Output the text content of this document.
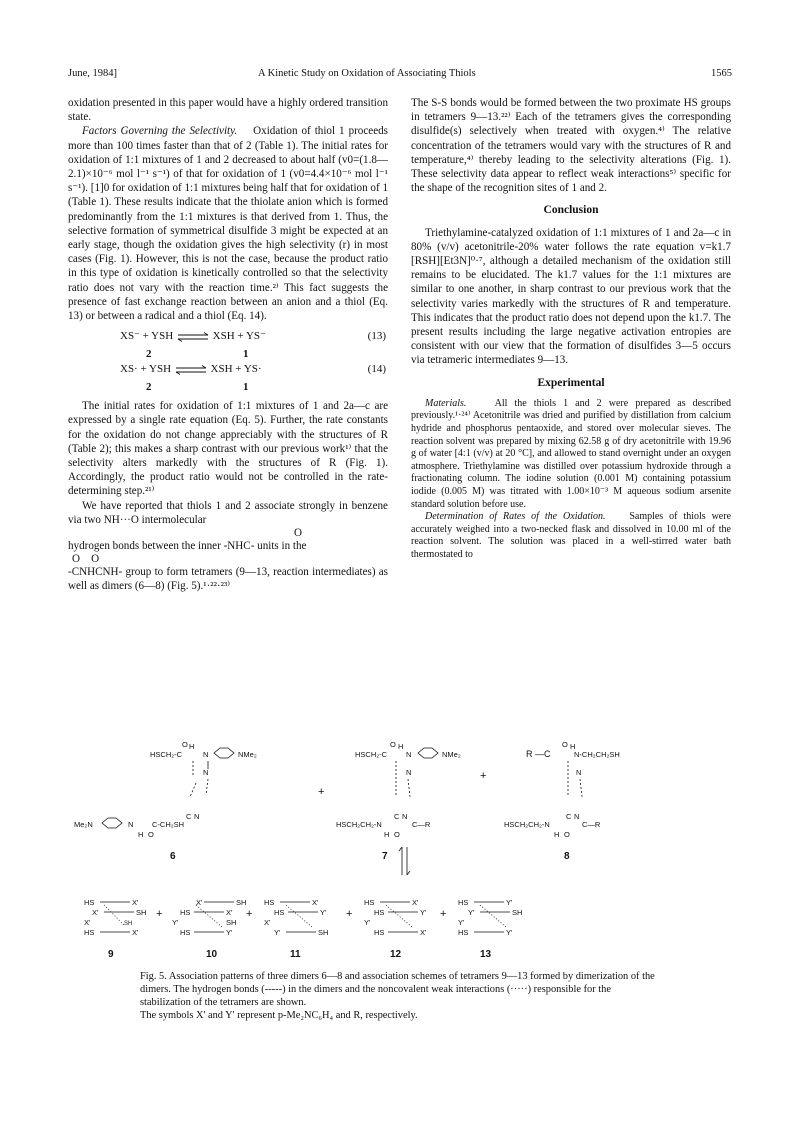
June, 1984]	A Kinetic Study on Oxidation of Associating Thiols	1565

oxidation presented in this paper would have a highly ordered transition state.

Factors Governing the Selectivity. Oxidation of thiol 1 proceeds more than 100 times faster than that of 2 (Table 1). The initial rates for oxidation of 1:1 mixtures of 1 and 2 decreased to about half (v0=(1.8—2.1)×10⁻⁶ mol l⁻¹ s⁻¹) of that for oxidation of 1 (v0=4.4×10⁻⁶ mol l⁻¹ s⁻¹). [1]0 for oxidation of 1:1 mixtures being half that for oxidation of 1 (Table 1). These results indicate that the thiolate anion which is formed predominantly from the 1:1 mixtures is that derived from 1. Thus, the selective formation of symmetrical disulfide 3 might be expected at an early stage, though the oxidation gives the high selectivity (r) in most cases (Fig. 1). However, this is not the case, because the product ratio in this type of oxidation is kinetically controlled so that the selectivity ratio does not vary with the reaction time.²⁾ This fact suggests the presence of fast exchange reaction between an anion and a thiol (Eq. 13) or between a radical and a thiol (Eq. 14).

XS⁻ + YSH ⇌ XSH + YS⁻	(13)
2	1
XS· + YSH ⇌ XSH + YS·	(14)
2	1

The initial rates for oxidation of 1:1 mixtures of 1 and 2a—c are expressed by a single rate equation (Eq. 5). Further, the rate constants for the oxidation do not change appreciably with the structures of R (Table 2); this makes a sharp contrast with our previous work¹⁾ that the selectivity alters markedly with the structures of R (Fig. 1). Accordingly, the product ratio would not be controlled in the rate-determining step.²¹⁾

We have reported that thiols 1 and 2 associate strongly in benzene via two NH···O intermolecular

O

hydrogen bonds between the inner -NHC- units in the

O    O

-CNHCNH- group to form tetramers (9—13, reaction intermediates) as well as dimers (6—8) (Fig. 5).¹·²²·²³⁾

The S-S bonds would be formed between the two proximate HS groups in tetramers 9—13.²²⁾ Each of the tetramers gives the corresponding disulfide(s) selectively when treated with oxygen.⁴⁾ The relative concentration of the tetramers would vary with the structures of R and temperature,⁴⁾ thereby leading to the selectivity alterations (Fig. 1). These selectivity data appear to reflect weak interactions⁵⁾ specific for the shape of the recognition sites of 1 and 2.

Conclusion

Triethylamine-catalyzed oxidation of 1:1 mixtures of 1 and 2a—c in 80% (v/v) acetonitrile-20% water follows the rate equation v=k1.7 [RSH][Et3N]⁰·⁷, although a detailed mechanism of the oxidation still remains to be elucidated. The k1.7 values for the 1:1 mixtures are similar to one another, in sharp contrast to our previous work that the selectivity varies markedly with the structures of R and temperature. This indicates that the product ratio does not depend upon the k1.7. The present results including the large negative activation entropies are consistent with our view that the formation of disulfides 3—5 occurs via tetrameric intermediates 9—13.

Experimental

Materials.	All the thiols 1 and 2 were prepared as described previously.¹·²⁴⁾ Acetonitrile was dried and purified by distillation from calcium hydride and phosphorus pentaoxide, and stored over molecular sieves. The reaction solvent was prepared by mixing 62.58 g of dry acetonitrile with 19.96 g of water [4:1 (v/v) at 20 °C], and allowed to stand overnight under an oxygen atmosphere. Triethylamine was distilled over potassium hydroxide through a fractionating column. The iodine solution (0.001 M) containing potassium iodide (0.005 M) was titrated with 1.00×10⁻³ M aqueous sodium arsenite standard solution before use.

Determination of Rates of the Oxidation. Samples of thiols were accurately weighed into a two-necked flask and dissolved in 10.00 ml of the reaction solvent. The solution was placed in a well-stirred water bath thermostated to

HSCH₂-C
O H
N	NMe₂
N
C N
Me₂N	N C-CH₂SH
H O
6
+
HSCH₂-C
O H
N	NMe₂
N
C N
HSCH₂CH₂-N	C—R
H O
7
+
R —C
O H
N-CH₂CH₂SH
N
C N
HSCH₂CH₂-N	C—R
H O
8
HS	X'
X'	SH
X'	SH
HS	X'
9
+
X'	SH
HS	X'
Y'	SH
HS	Y'
10
+
HS	X'
HS	Y'
X'
Y'	SH
11
+
HS	X'
HS	Y'
Y'
HS	X'
12
+
HS	Y'
Y'	SH
Y'
HS	Y'
13

Fig. 5. Association patterns of three dimers 6—8 and association schemes of tetramers 9—13 formed by dimerization of the dimers. The hydrogen bonds (-----) in the dimers and the noncovalent weak interactions (·····) responsible for the stabilization of the tetramers are shown.

The symbols X' and Y' represent p-Me₂NC₆H₄ and R, respectively.
